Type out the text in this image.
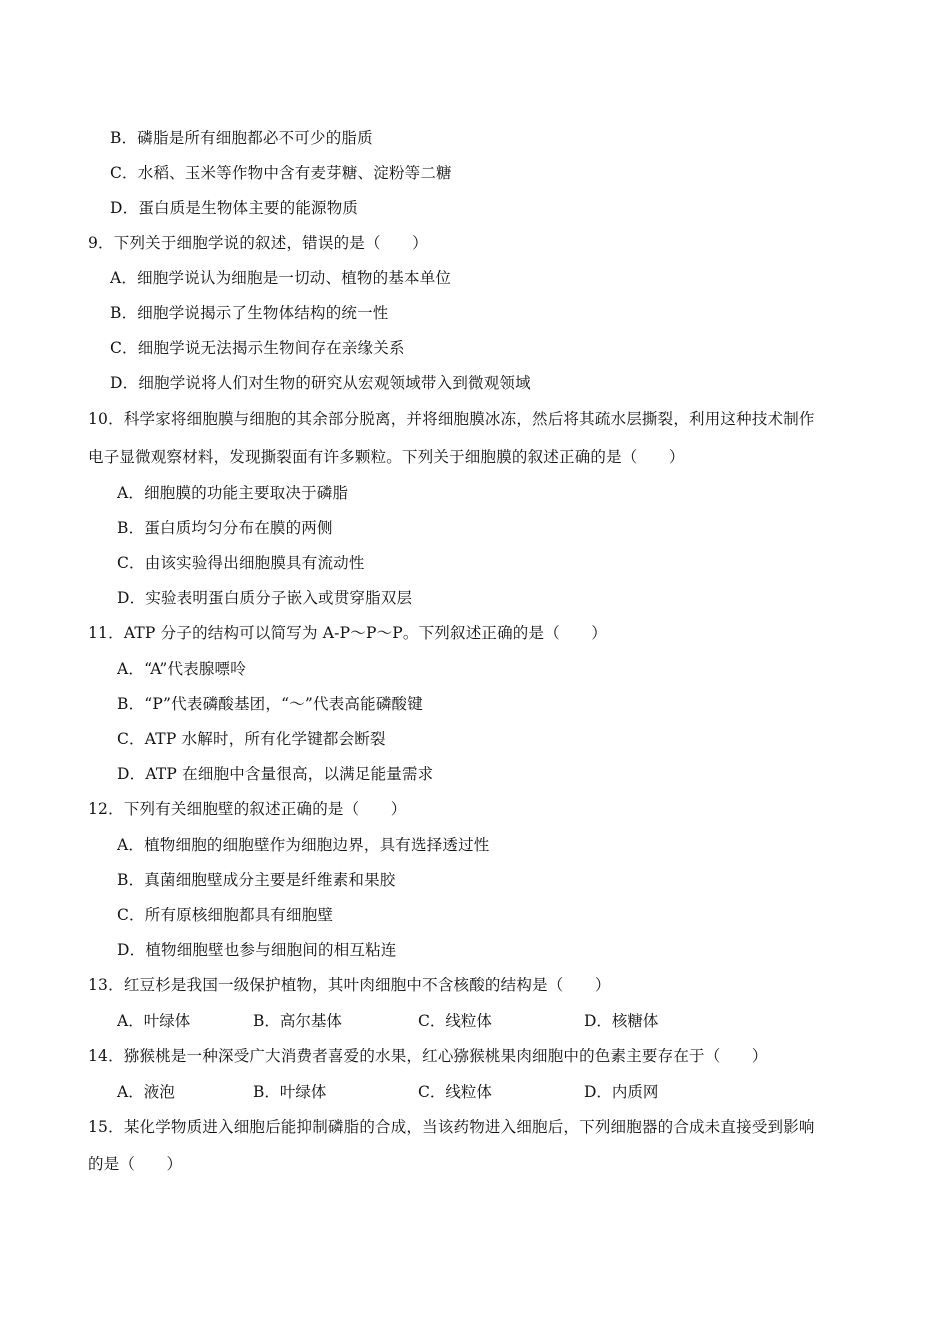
B．磷脂是所有细胞都必不可少的脂质
C．水稻、玉米等作物中含有麦芽糖、淀粉等二糖
D．蛋白质是生物体主要的能源物质
9．下列关于细胞学说的叙述，错误的是（　　）
A．细胞学说认为细胞是一切动、植物的基本单位
B．细胞学说揭示了生物体结构的统一性
C．细胞学说无法揭示生物间存在亲缘关系
D．细胞学说将人们对生物的研究从宏观领域带入到微观领域
10．科学家将细胞膜与细胞的其余部分脱离，并将细胞膜冰冻，然后将其疏水层撕裂，利用这种技术制作
电子显微观察材料，发现撕裂面有许多颗粒。下列关于细胞膜的叙述正确的是（　　）
A．细胞膜的功能主要取决于磷脂
B．蛋白质均匀分布在膜的两侧
C．由该实验得出细胞膜具有流动性
D．实验表明蛋白质分子嵌入或贯穿脂双层
11．ATP 分子的结构可以简写为 A-P～P～P。下列叙述正确的是（　　）
A．“A”代表腺嘌呤
B．“P”代表磷酸基团，“～”代表高能磷酸键
C．ATP 水解时，所有化学键都会断裂
D．ATP 在细胞中含量很高，以满足能量需求
12．下列有关细胞壁的叙述正确的是（　　）
A．植物细胞的细胞壁作为细胞边界，具有选择透过性
B．真菌细胞壁成分主要是纤维素和果胶
C．所有原核细胞都具有细胞壁
D．植物细胞壁也参与细胞间的相互粘连
13．红豆杉是我国一级保护植物，其叶肉细胞中不含核酸的结构是（　　）
A．叶绿体	B．高尔基体	C．线粒体	D．核糖体
14．猕猴桃是一种深受广大消费者喜爱的水果，红心猕猴桃果肉细胞中的色素主要存在于（　　）
A．液泡	B．叶绿体	C．线粒体	D．内质网
15．某化学物质进入细胞后能抑制磷脂的合成，当该药物进入细胞后，下列细胞器的合成未直接受到影响
的是（　　）
